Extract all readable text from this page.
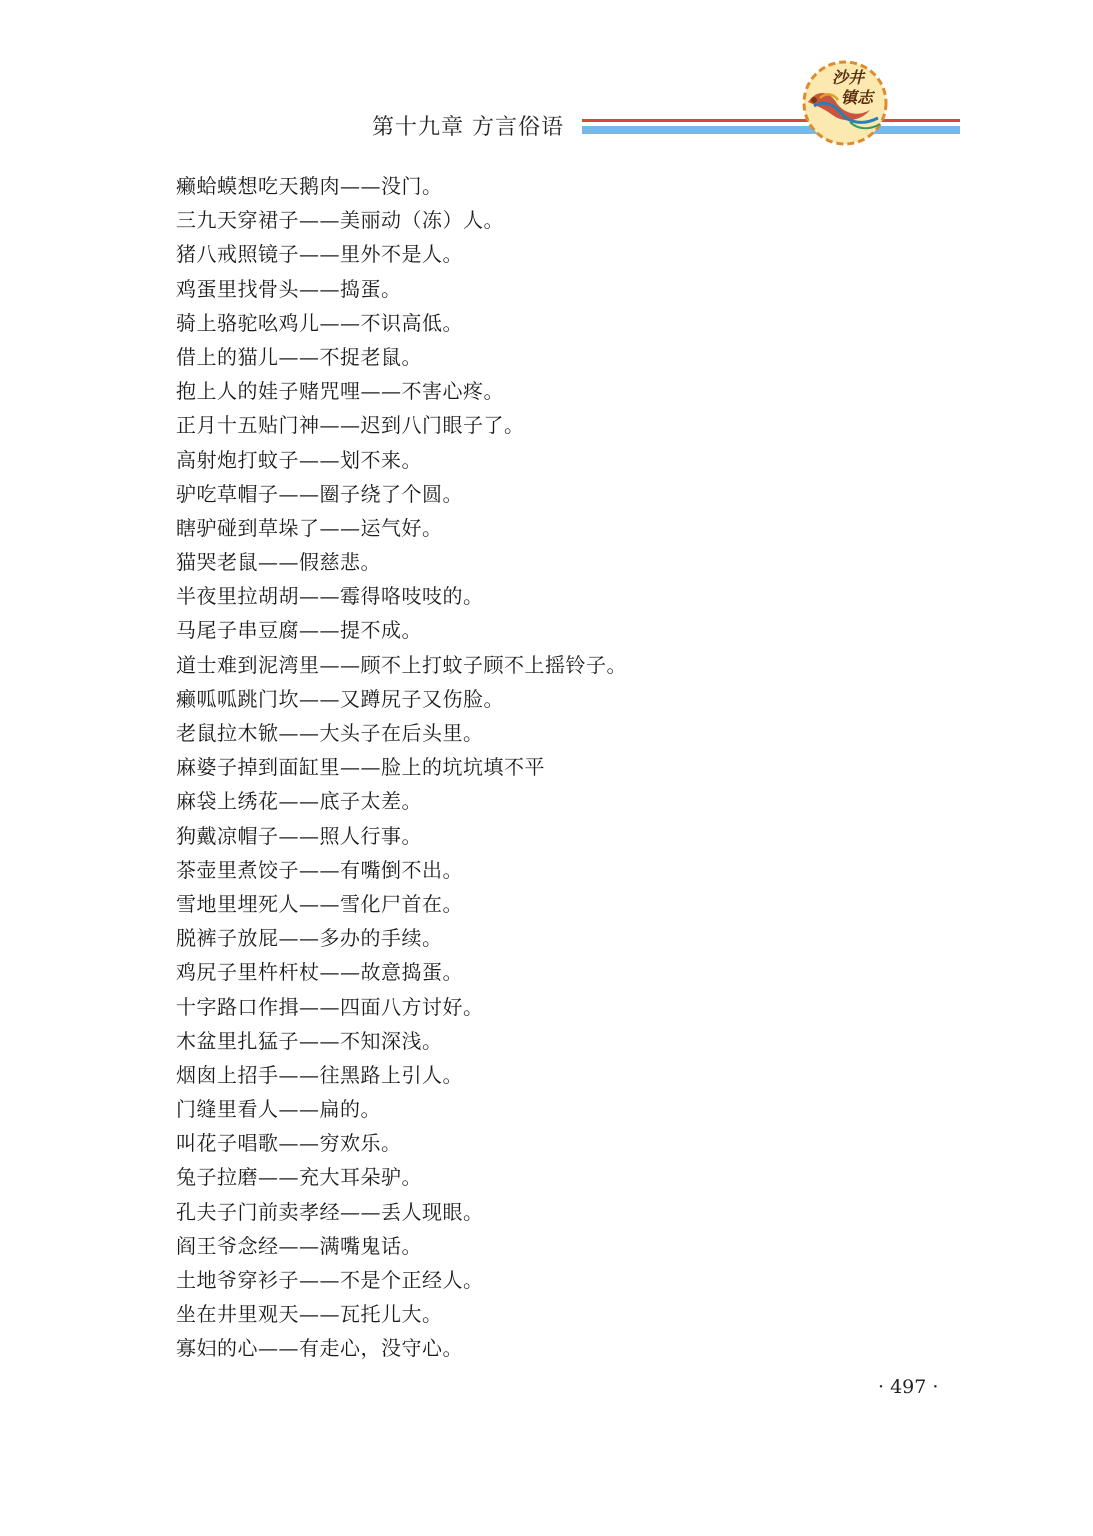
第十九章 方言俗语
沙井
镇志
癞蛤蟆想吃天鹅肉——没门。
三九天穿裙子——美丽动（冻）人。
猪八戒照镜子——里外不是人。
鸡蛋里找骨头——捣蛋。
骑上骆驼吆鸡儿——不识高低。
借上的猫儿——不捉老鼠。
抱上人的娃子赌咒哩——不害心疼。
正月十五贴门神——迟到八门眼子了。
高射炮打蚊子——划不来。
驴吃草帽子——圈子绕了个圆。
瞎驴碰到草垛了——运气好。
猫哭老鼠——假慈悲。
半夜里拉胡胡——霉得咯吱吱的。
马尾子串豆腐——提不成。
道士难到泥湾里——顾不上打蚊子顾不上摇铃子。
癞呱呱跳门坎——又蹲尻子又伤脸。
老鼠拉木锨——大头子在后头里。
麻婆子掉到面缸里——脸上的坑坑填不平
麻袋上绣花——底子太差。
狗戴凉帽子——照人行事。
茶壶里煮饺子——有嘴倒不出。
雪地里埋死人——雪化尸首在。
脱裤子放屁——多办的手续。
鸡尻子里杵杆杖——故意捣蛋。
十字路口作揖——四面八方讨好。
木盆里扎猛子——不知深浅。
烟囱上招手——往黑路上引人。
门缝里看人——扁的。
叫花子唱歌——穷欢乐。
兔子拉磨——充大耳朵驴。
孔夫子门前卖孝经——丢人现眼。
阎王爷念经——满嘴鬼话。
土地爷穿衫子——不是个正经人。
坐在井里观天——瓦托儿大。
寡妇的心——有走心，没守心。
· 497 ·
